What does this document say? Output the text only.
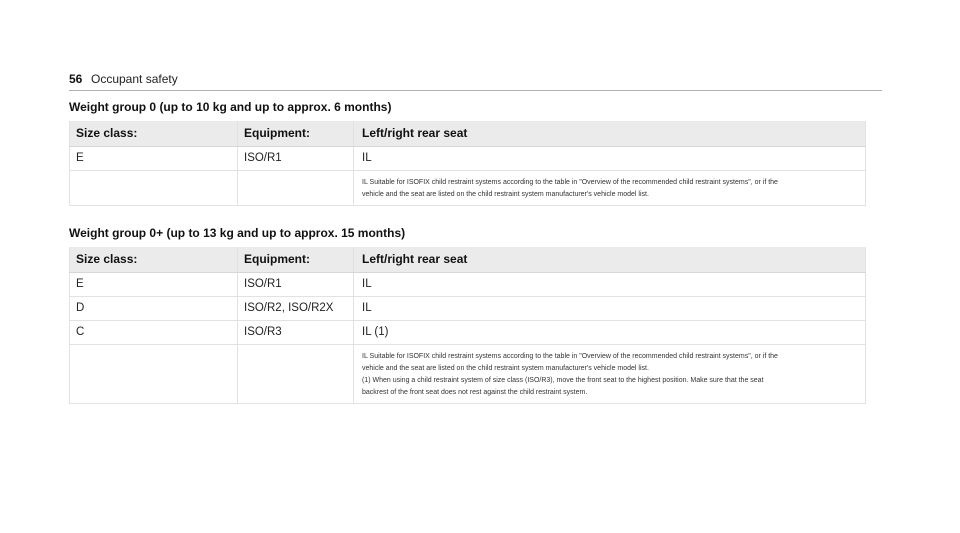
56 Occupant safety
Weight group 0 (up to 10 kg and up to approx. 6 months)
Size class:	Equipment:	Left/right rear seat
E	ISO/R1	IL

		IL Suitable for ISOFIX child restraint systems according to the table in "Overview of the recommended child restraint systems", or if the
vehicle and the seat are listed on the child restraint system manufacturer's vehicle model list.
Weight group 0+ (up to 13 kg and up to approx. 15 months)
Size class:	Equipment:	Left/right rear seat
E	ISO/R1	IL
D	ISO/R2, ISO/R2X	IL
C	ISO/R3	IL (1)

		IL Suitable for ISOFIX child restraint systems according to the table in "Overview of the recommended child restraint systems", or if the
vehicle and the seat are listed on the child restraint system manufacturer's vehicle model list.
(1) When using a child restraint system of size class (ISO/R3), move the front seat to the highest position. Make sure that the seat
backrest of the front seat does not rest against the child restraint system.
